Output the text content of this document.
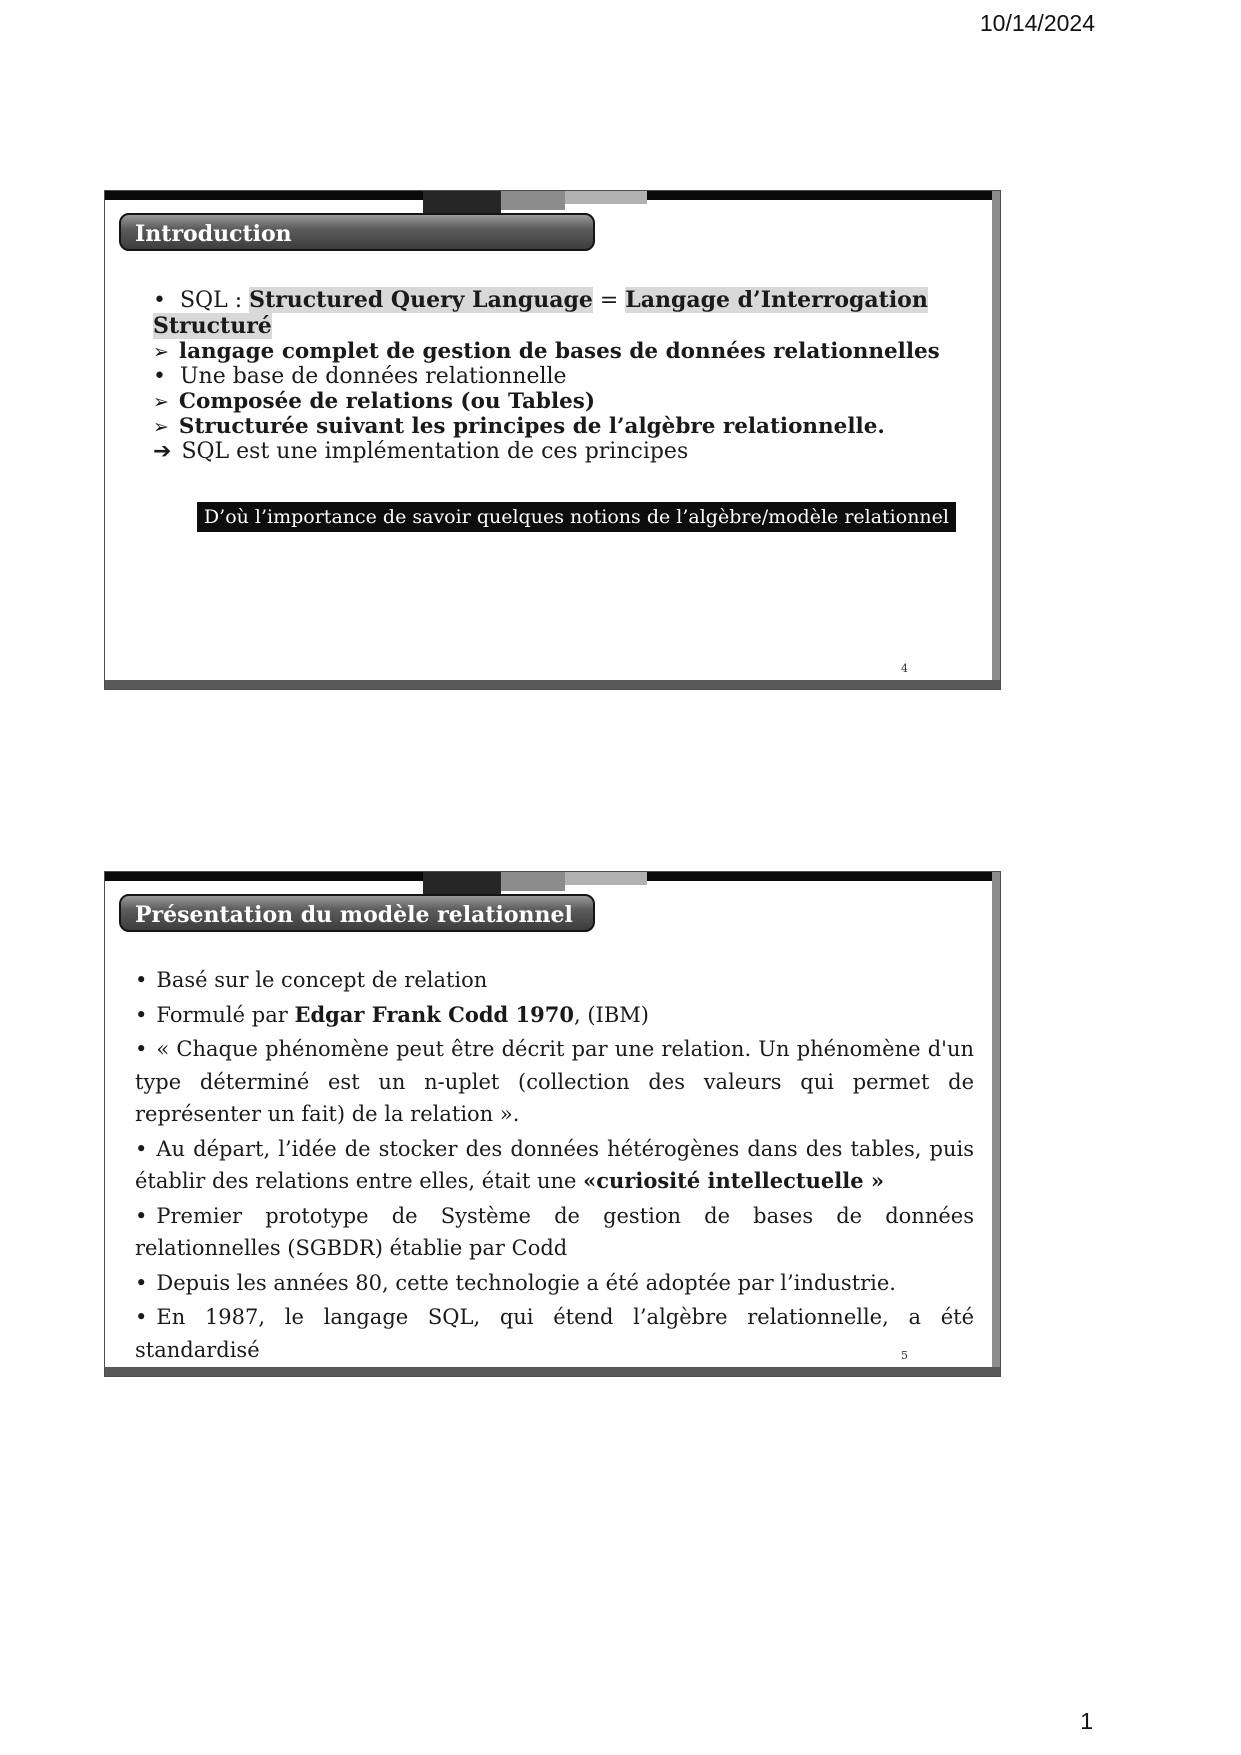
10/14/2024
Introduction

• SQL : Structured Query Language = Langage d’Interrogation Structuré

➢ langage complet de gestion de bases de données relationnelles

• Une base de données relationnelle

➢ Composée de relations (ou Tables)

➢ Structurée suivant les principes de l’algèbre relationnelle.

➔ SQL est une implémentation de ces principes

D’où l’importance de savoir quelques notions de l’algèbre/modèle relationnel
4
Présentation du modèle relationnel

• Basé sur le concept de relation

• Formulé par Edgar Frank Codd 1970, (IBM)

• « Chaque phénomène peut être décrit par une relation. Un phénomène d'un type déterminé est un n-uplet (collection des valeurs qui permet de représenter un fait) de la relation ».

• Au départ, l’idée de stocker des données hétérogènes dans des tables, puis établir des relations entre elles, était une «curiosité intellectuelle »

• Premier prototype de Système de gestion de bases de données relationnelles (SGBDR) établie par Codd

• Depuis les années 80, cette technologie a été adoptée par l’industrie.

• En 1987, le langage SQL, qui étend l’algèbre relationnelle, a été standardisé	5
1
